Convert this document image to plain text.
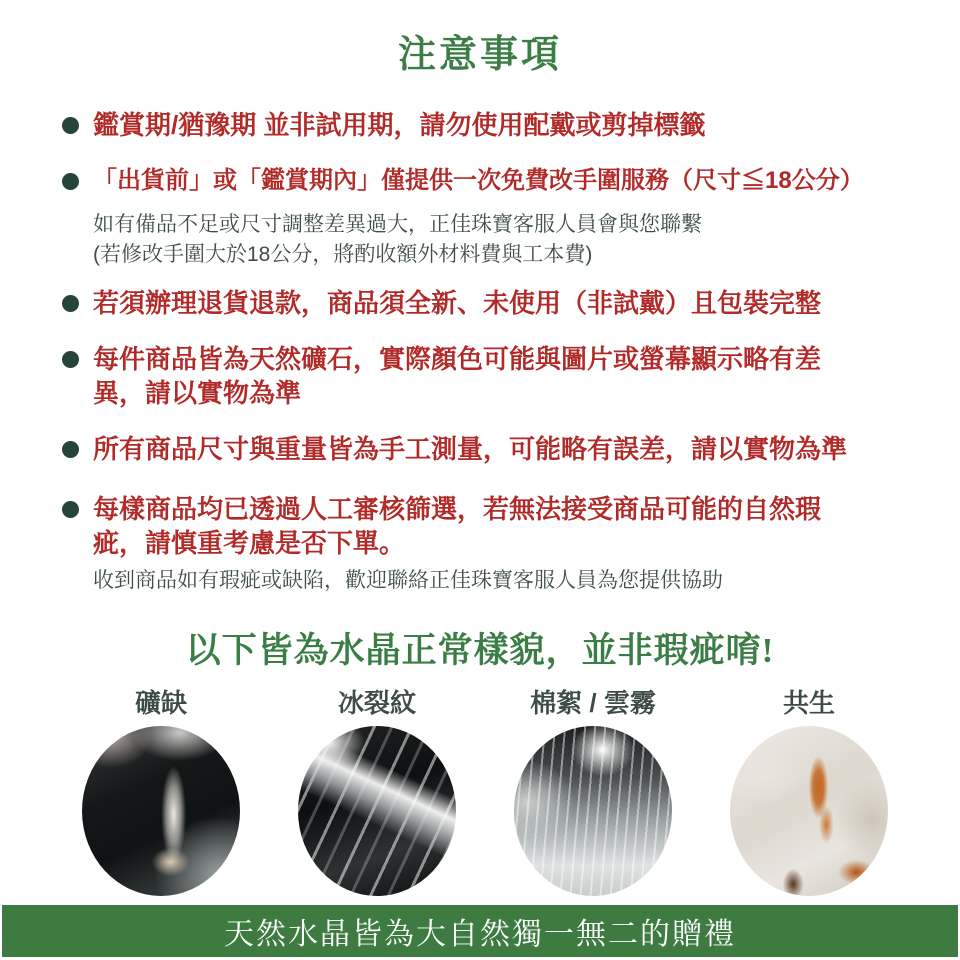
注意事項
鑑賞期/猶豫期 並非試用期，請勿使用配戴或剪掉標籤
「出貨前」或「鑑賞期內」僅提供一次免費改手圍服務（尺寸≦18公分）
如有備品不足或尺寸調整差異過大，正佳珠寶客服人員會與您聯繫
(若修改手圍大於18公分，將酌收額外材料費與工本費)
若須辦理退貨退款，商品須全新、未使用（非試戴）且包裝完整
每件商品皆為天然礦石，實際顏色可能與圖片或螢幕顯示略有差異，請以實物為準
所有商品尺寸與重量皆為手工測量，可能略有誤差，請以實物為準
每樣商品均已透過人工審核篩選，若無法接受商品可能的自然瑕疵，請慎重考慮是否下單。
收到商品如有瑕疵或缺陷，歡迎聯絡正佳珠寶客服人員為您提供協助
以下皆為水晶正常樣貌，並非瑕疵唷!
礦缺	冰裂紋	棉絮 / 雲霧	共生
天然水晶皆為大自然獨一無二的贈禮
